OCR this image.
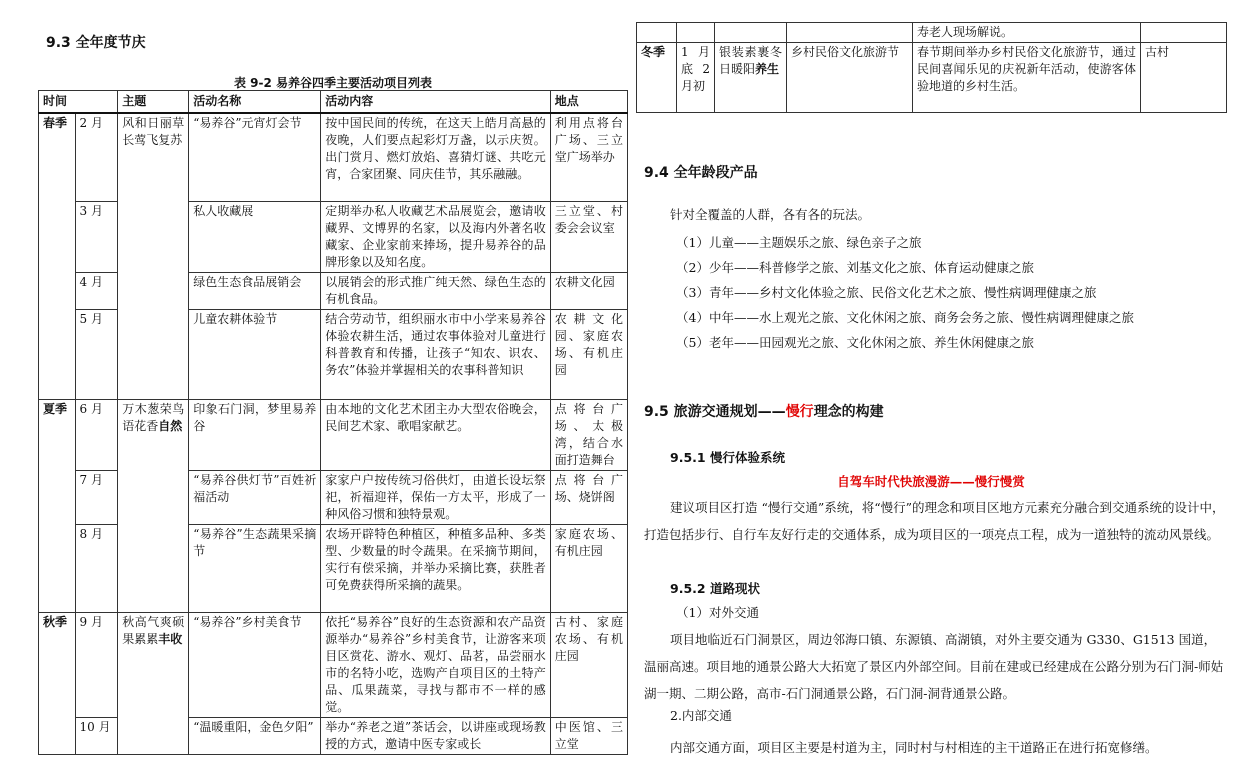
9.3 全年度节庆
表 9-2 易养谷四季主要活动项目列表
时间		主题	活动名称	活动内容	地点
春季	2 月	风和日丽草长莺飞复苏	“易养谷”元宵灯会节	按中国民间的传统，在这天上皓月高悬的夜晚，人们要点起彩灯万盏，以示庆贺。出门赏月、燃灯放焰、喜猜灯谜、共吃元宵，合家团聚、同庆佳节，其乐融融。	利用点将台广场、三立堂广场举办
	3 月		私人收藏展	定期举办私人收藏艺术品展览会，邀请收藏界、文博界的名家，以及海内外著名收藏家、企业家前来捧场，提升易养谷的品牌形象以及知名度。	三立堂、村委会会议室
	4 月		绿色生态食品展销会	以展销会的形式推广纯天然、绿色生态的有机食品。	农耕文化园
	5 月		儿童农耕体验节	结合劳动节，组织丽水市中小学来易养谷体验农耕生活，通过农事体验对儿童进行科普教育和传播，让孩子“知农、识农、务农”体验并掌握相关的农事科普知识	农耕文化园、家庭农场、有机庄园
夏季	6 月	万木葱荣鸟语花香自然	印象石门洞，梦里易养谷	由本地的文化艺术团主办大型农俗晚会，民间艺术家、歌唱家献艺。	点将台广场、太极湾，结合水面打造舞台
	7 月		“易养谷供灯节”百姓祈福活动	家家户户按传统习俗供灯，由道长设坛祭祀，祈福迎祥，保佑一方太平，形成了一种风俗习惯和独特景观。	点将台广场、烧饼阁
	8 月		“易养谷”生态蔬果采摘节	农场开辟特色种植区，种植多品种、多类型、少数量的时令蔬果。在采摘节期间，实行有偿采摘，并举办采摘比赛，获胜者可免费获得所采摘的蔬果。	家庭农场、有机庄园
秋季	9 月	秋高气爽硕果累累丰收	“易养谷”乡村美食节	依托“易养谷”良好的生态资源和农产品资源举办“易养谷”乡村美食节，让游客来项目区赏花、游水、观灯、品茗，品尝丽水市的名特小吃，选购产自项目区的土特产品、瓜果蔬菜，寻找与都市不一样的感觉。	古村、家庭农场、有机庄园
	10 月		“温暖重阳，金色夕阳”	举办“养老之道”茶话会，以讲座或现场教授的方式，邀请中医专家或长	中医馆、三立堂
				寿老人现场解说。	
冬季	1 月底 2 月初	银装素裹冬日暖阳养生	乡村民俗文化旅游节	春节期间举办乡村民俗文化旅游节，通过民间喜闻乐见的庆祝新年活动，使游客体验地道的乡村生活。	古村
9.4 全年龄段产品
针对全覆盖的人群，各有各的玩法。
（1）儿童——主题娱乐之旅、绿色亲子之旅
（2）少年——科普修学之旅、刘基文化之旅、体育运动健康之旅
（3）青年——乡村文化体验之旅、民俗文化艺术之旅、慢性病调理健康之旅
（4）中年——水上观光之旅、文化休闲之旅、商务会务之旅、慢性病调理健康之旅
（5）老年——田园观光之旅、文化休闲之旅、养生休闲健康之旅
9.5 旅游交通规划——慢行理念的构建
9.5.1 慢行体验系统
自驾车时代快旅漫游——慢行慢赏
建议项目区打造 “慢行交通”系统，将“慢行”的理念和项目区地方元素充分融合到交通系统的设计中，打造包括步行、自行车友好行走的交通体系，成为项目区的一项亮点工程，成为一道独特的流动风景线。
9.5.2 道路现状
（1）对外交通
项目地临近石门洞景区，周边邻海口镇、东源镇、高湖镇，对外主要交通为 G330、G1513 国道，温丽高速。项目地的通景公路大大拓宽了景区内外部空间。目前在建或已经建成在公路分别为石门洞-师姑湖一期、二期公路，高市-石门洞通景公路，石门洞-洞背通景公路。
2.内部交通
内部交通方面，项目区主要是村道为主，同时村与村相连的主干道路正在进行拓宽修缮。
